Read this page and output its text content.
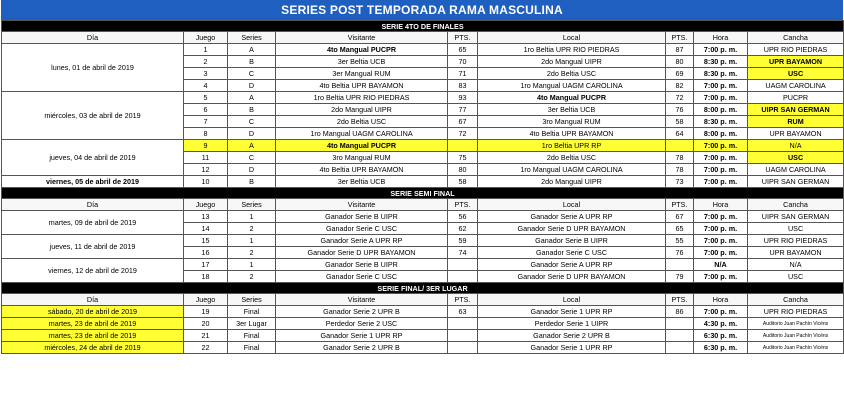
SERIES POST TEMPORADA RAMA MASCULINA
SERIE 4TO DE FINALES								
Día	Juego	Series	Visitante	PTS.	Local	PTS.	Hora	Cancha
lunes, 01 de abril de 2019	1	A	4to Mangual PUCPR	65	1ro Beltia UPR RIO PIEDRAS	87	7:00 p. m.	UPR RIO PIEDRAS
	2	B	3er Beltia UCB	70	2do Mangual UIPR	80	8:30 p. m.	UPR BAYAMON
	3	C	3er Mangual RUM	71	2do Beltia USC	69	8:30 p. m.	USC
	4	D	4to Beltia UPR BAYAMON	83	1ro Mangual UAGM CAROLINA	82	7:00 p. m.	UAGM CAROLINA
miércoles, 03 de abril de 2019	5	A	1ro Beltia UPR RIO PIEDRAS	93	4to Mangual PUCPR	72	7:00 p. m.	PUCPR
	6	B	2do Mangual UIPR	77	3er Beltia UCB	76	8:00 p. m.	UIPR SAN GERMAN
	7	C	2do Beltia USC	67	3ro Mangual RUM	58	8:30 p. m.	RUM
	8	D	1ro Mangual UAGM CAROLINA	72	4to Beltia UPR BAYAMON	64	8:00 p. m.	UPR BAYAMON
jueves, 04 de abril de 2019	9	A	4to Mangual PUCPR		1ro Beltia UPR RP		7:00 p. m.	N/A
	11	C	3ro Mangual RUM	75	2do Beltia USC	78	7:00 p. m.	USC
	12	D	4to Beltia UPR BAYAMON	80	1ro Mangual UAGM CAROLINA	78	7:00 p. m.	UAGM CAROLINA
viernes, 05 de abril de 2019	10	B	3er Beltia UCB	58	2do Mangual UIPR	73	7:00 p. m.	UIPR SAN GERMAN
SERIE SEMI FINAL								
Día	Juego	Series	Visitante	PTS.	Local	PTS.	Hora	Cancha
martes, 09 de abril de 2019	13	1	Ganador Serie B UIPR	56	Ganador Serie A UPR RP	67	7:00 p. m.	UIPR SAN GERMAN
	14	2	Ganador Serie C USC	62	Ganador Serie D UPR BAYAMON	65	7:00 p. m.	USC
jueves, 11 de abril de 2019	15	1	Ganador Serie A UPR RP	59	Ganador Serie B UIPR	55	7:00 p. m.	UPR RIO PIEDRAS
	16	2	Ganador Serie D UPR BAYAMON	74	Ganador Serie C USC	76	7:00 p. m.	UPR BAYAMON
viernes, 12 de abril de 2019	17	1	Ganador Serie B UIPR		Ganador Serie A UPR RP		N/A	N/A
	18	2	Ganador Serie C USC		Ganador Serie D UPR BAYAMON	79	7:00 p. m.	USC
SERIE FINAL/ 3ER LUGAR								
Día	Juego	Series	Visitante	PTS.	Local	PTS.	Hora	Cancha
sábado, 20 de abril de 2019	19	Final	Ganador Serie 2 UPR B	63	Ganador Serie 1 UPR RP	86	7:00 p. m.	UPR RIO PIEDRAS
martes, 23 de abril de 2019	20	3er Lugar	Perdedor Serie 2 USC		Perdedor Serie 1 UIPR		4:30 p. m.	Auditorio Juan Pachín Vicéns
martes, 23 de abril de 2019	21	Final	Ganador Serie 1 UPR RP		Ganador Serie 2 UPR B		6:30 p. m.	Auditorio Juan Pachín Vicéns
miércoles, 24 de abril de 2019	22	Final	Ganador Serie 2 UPR B		Ganador Serie 1 UPR RP		6:30 p. m.	Auditorio Juan Pachín Vicéns
